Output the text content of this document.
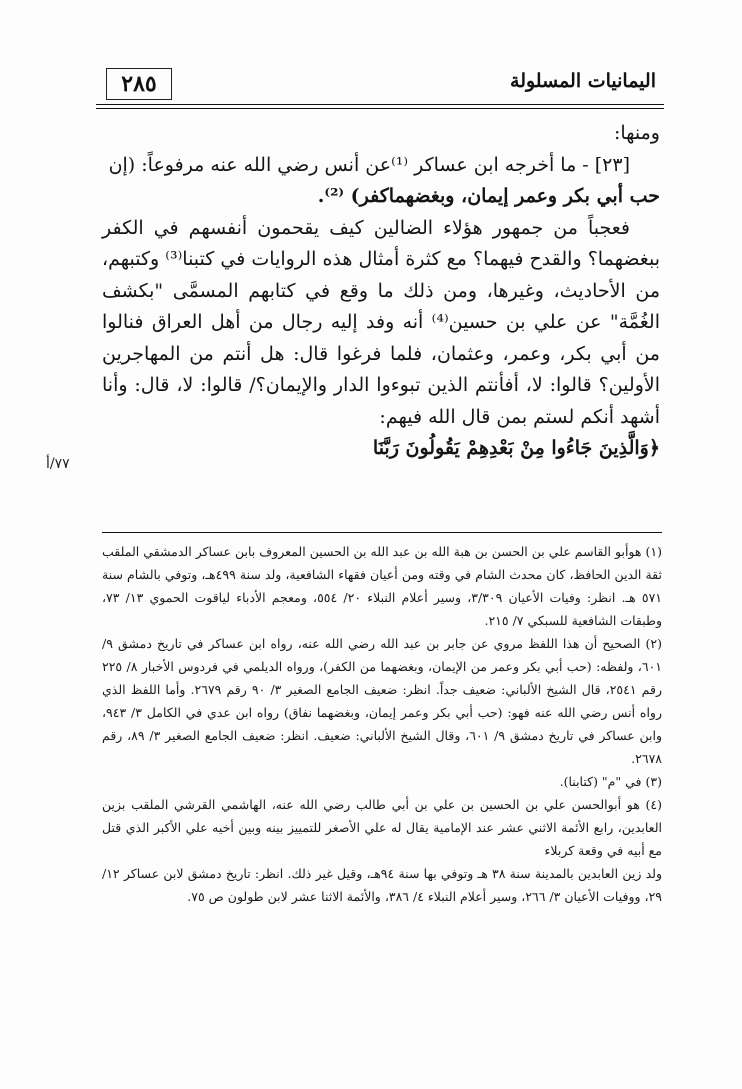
٢٨٥	اليمانيات المسلولة
٧٧/أ

ومنها:

[٢٣] - ما أخرجه ابن عساكر ⁽¹⁾عن أنس رضي الله عنه مرفوعاً: (إن

حب أبي بكر وعمر إيمان، وبغضهماكفر) ⁽²⁾.

فعجباً من جمهور هؤلاء الضالين كيف يقحمون أنفسهم في الكفر ببغضهما؟ والقدح فيهما؟ مع كثرة أمثال هذه الروايات في كتبنا⁽³⁾ وكتبهم، من الأحاديث، وغيرها، ومن ذلك ما وقع في كتابهم المسمَّى "بكشف الغُمَّة" عن علي بن حسين⁽⁴⁾ أنه وفد إليه رجال من أهل العراق فنالوا من أبي بكر، وعمر، وعثمان، فلما فرغوا قال: هل أنتم من المهاجرين الأولين؟ قالوا: لا، أفأنتم الذين تبوءوا الدار والإيمان؟/ قالوا: لا، قال: وأنا أشهد أنكم لستم بمن قال الله فيهم:

﴿وَالَّذِينَ جَاءُوا مِنْ بَعْدِهِمْ يَقُولُونَ رَبَّنَا

(١) هوأبو القاسم علي بن الحسن بن هبة الله بن عبد الله بن الحسين المعروف بابن عساكر الدمشقي الملقب ثقة الدين الحافظ، كان محدث الشام في وقته ومن أعيان فقهاء الشافعية، ولد سنة ٤٩٩هـ، وتوفي بالشام سنة ٥٧١ هـ. انظر: وفيات الأعيان ٣/٣٠٩، وسير أعلام النبلاء ٢٠/ ٥٥٤، ومعجم الأدباء لياقوت الحموي ١٣/ ٧٣، وطبقات الشافعية للسبكي ٧/ ٢١٥.

(٢) الصحيح أن هذا اللفظ مروي عن جابر بن عبد الله رضي الله عنه، رواه ابن عساكر في تاريخ دمشق ٩/ ٦٠١، ولفظه: (حب أبي بكر وعمر من الإيمان، وبغضهما من الكفر)، ورواه الديلمي في فردوس الأخبار ٨/ ٢٢٥ رقم ٢٥٤١، قال الشيخ الألباني: ضعيف جداً. انظر: ضعيف الجامع الصغير ٣/ ٩٠ رقم ٢٦٧٩. وأما اللفظ الذي رواه أنس رضي الله عنه فهو: (حب أبي بكر وعمر إيمان، وبغضهما نفاق) رواه ابن عدي في الكامل ٣/ ٩٤٣، وابن عساكر في تاريخ دمشق ٩/ ٦٠١، وقال الشيخ الألباني: ضعيف. انظر: ضعيف الجامع الصغير ٣/ ٨٩، رقم ٢٦٧٨.

(٣) في "م" (كتابنا).

(٤) هو أبوالحسن علي بن الحسين بن علي بن أبي طالب رضي الله عنه، الهاشمي القرشي الملقب بزين العابدين، رابع الأئمة الاثني عشر عند الإمامية يقال له علي الأصغر للتمييز بينه وبين أخيه علي الأكبر الذي قتل مع أبيه في وقعة كربلاء

ولد زين العابدين بالمدينة سنة ٣٨ هـ وتوفي بها سنة ٩٤هـ، وقيل غير ذلك. انظر: تاريخ دمشق لابن عساكر ١٢/ ٢٩، ووفيات الأعيان ٣/ ٢٦٦، وسير أعلام النبلاء ٤/ ٣٨٦، والأئمة الاثنا عشر لابن طولون ص ٧٥.
